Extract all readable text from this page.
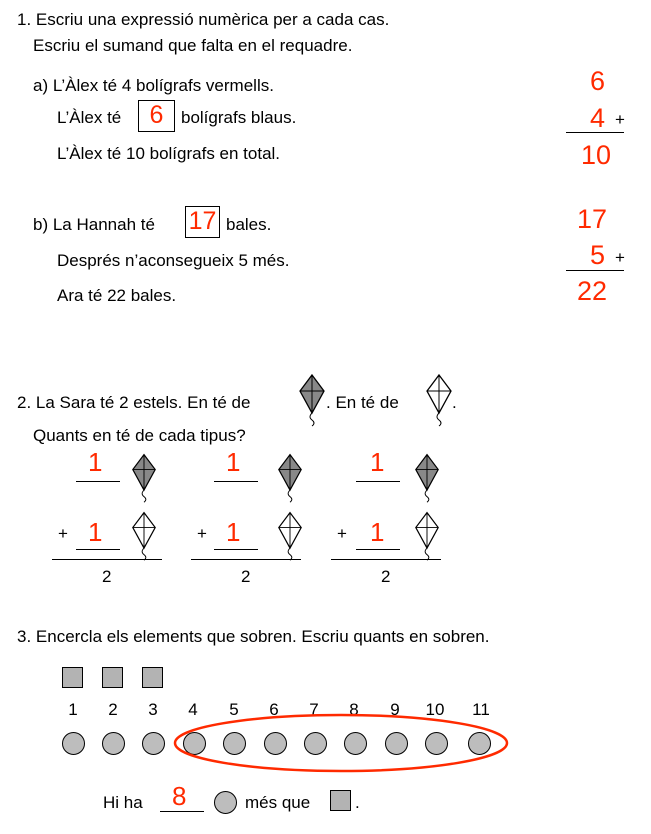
1. Escriu una expressió numèrica per a cada cas.
Escriu el sumand que falta en el requadre.
a) L’Àlex té 4 bolígrafs vermells.
L’Àlex té	6	bolígrafs blaus.
L’Àlex té 10 bolígrafs en total.
6
4 +
10
b) La Hannah té 17 bales.
Després n’aconsegueix 5 més.
Ara té 22 bales.
17
5 +
22
2. La Sara té 2 estels. En té de	. En té de	.
Quants en té de cada tipus?
1
+ 1
2
1
+ 1
2
1
+ 1
2
3. Encercla els elements que sobren. Escriu quants en sobren.
1	2	3	4	5	6	7	8	9	10	11
Hi ha 8	més que	.
